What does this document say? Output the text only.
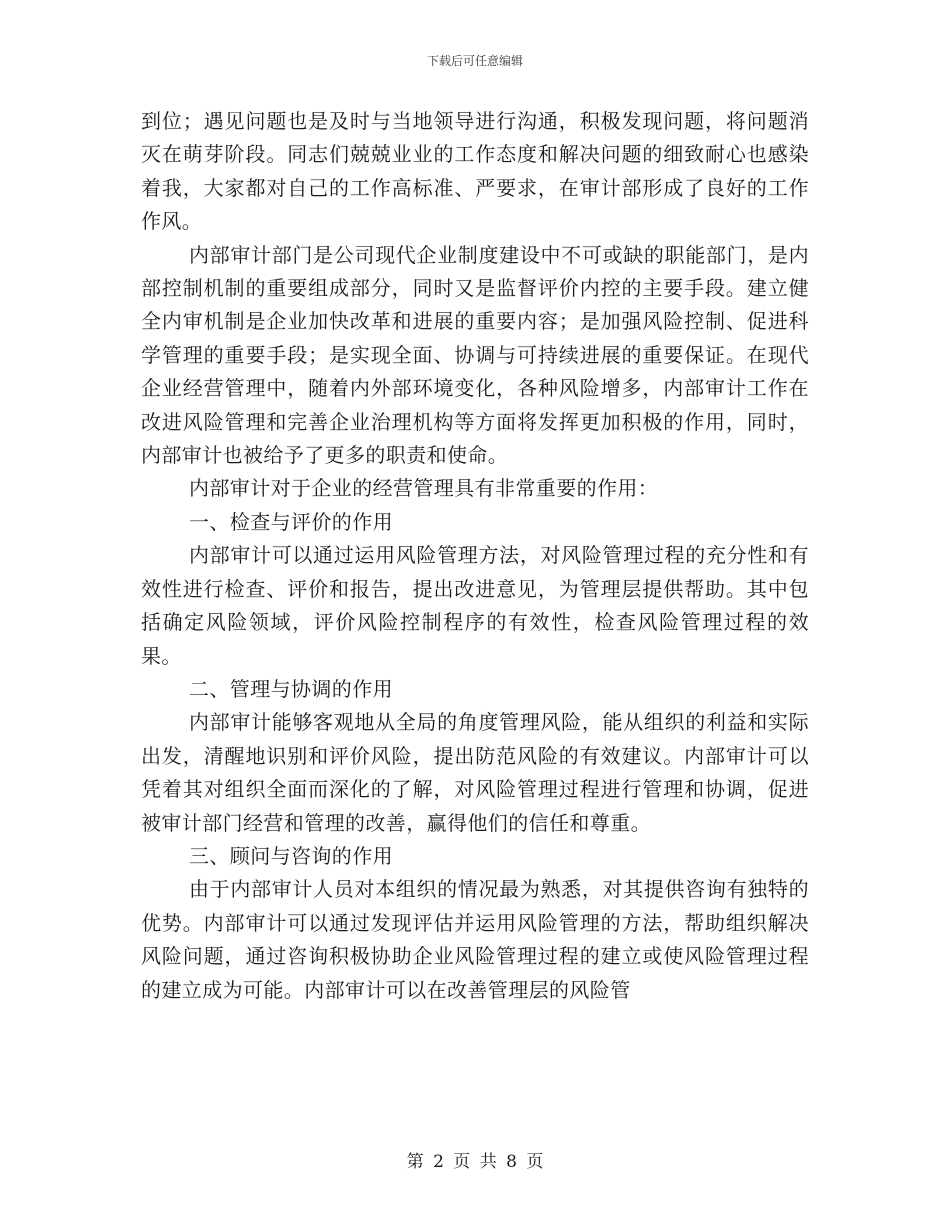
下载后可任意编辑

到位；遇见问题也是及时与当地领导进行沟通，积极发现问题，将问题消灭在萌芽阶段。同志们兢兢业业的工作态度和解决问题的细致耐心也感染着我，大家都对自己的工作高标准、严要求，在审计部形成了良好的工作作风。

内部审计部门是公司现代企业制度建设中不可或缺的职能部门，是内部控制机制的重要组成部分，同时又是监督评价内控的主要手段。建立健全内审机制是企业加快改革和进展的重要内容；是加强风险控制、促进科学管理的重要手段；是实现全面、协调与可持续进展的重要保证。在现代企业经营管理中，随着内外部环境变化，各种风险增多，内部审计工作在改进风险管理和完善企业治理机构等方面将发挥更加积极的作用，同时，内部审计也被给予了更多的职责和使命。

内部审计对于企业的经营管理具有非常重要的作用：

一、检查与评价的作用

内部审计可以通过运用风险管理方法，对风险管理过程的充分性和有效性进行检查、评价和报告，提出改进意见，为管理层提供帮助。其中包括确定风险领域，评价风险控制程序的有效性，检查风险管理过程的效果。

二、管理与协调的作用

内部审计能够客观地从全局的角度管理风险，能从组织的利益和实际出发，清醒地识别和评价风险，提出防范风险的有效建议。内部审计可以凭着其对组织全面而深化的了解，对风险管理过程进行管理和协调，促进被审计部门经营和管理的改善，赢得他们的信任和尊重。

三、顾问与咨询的作用

由于内部审计人员对本组织的情况最为熟悉，对其提供咨询有独特的优势。内部审计可以通过发现评估并运用风险管理的方法，帮助组织解决风险问题，通过咨询积极协助企业风险管理过程的建立或使风险管理过程的建立成为可能。内部审计可以在改善管理层的风险管

第 2 页 共 8 页
